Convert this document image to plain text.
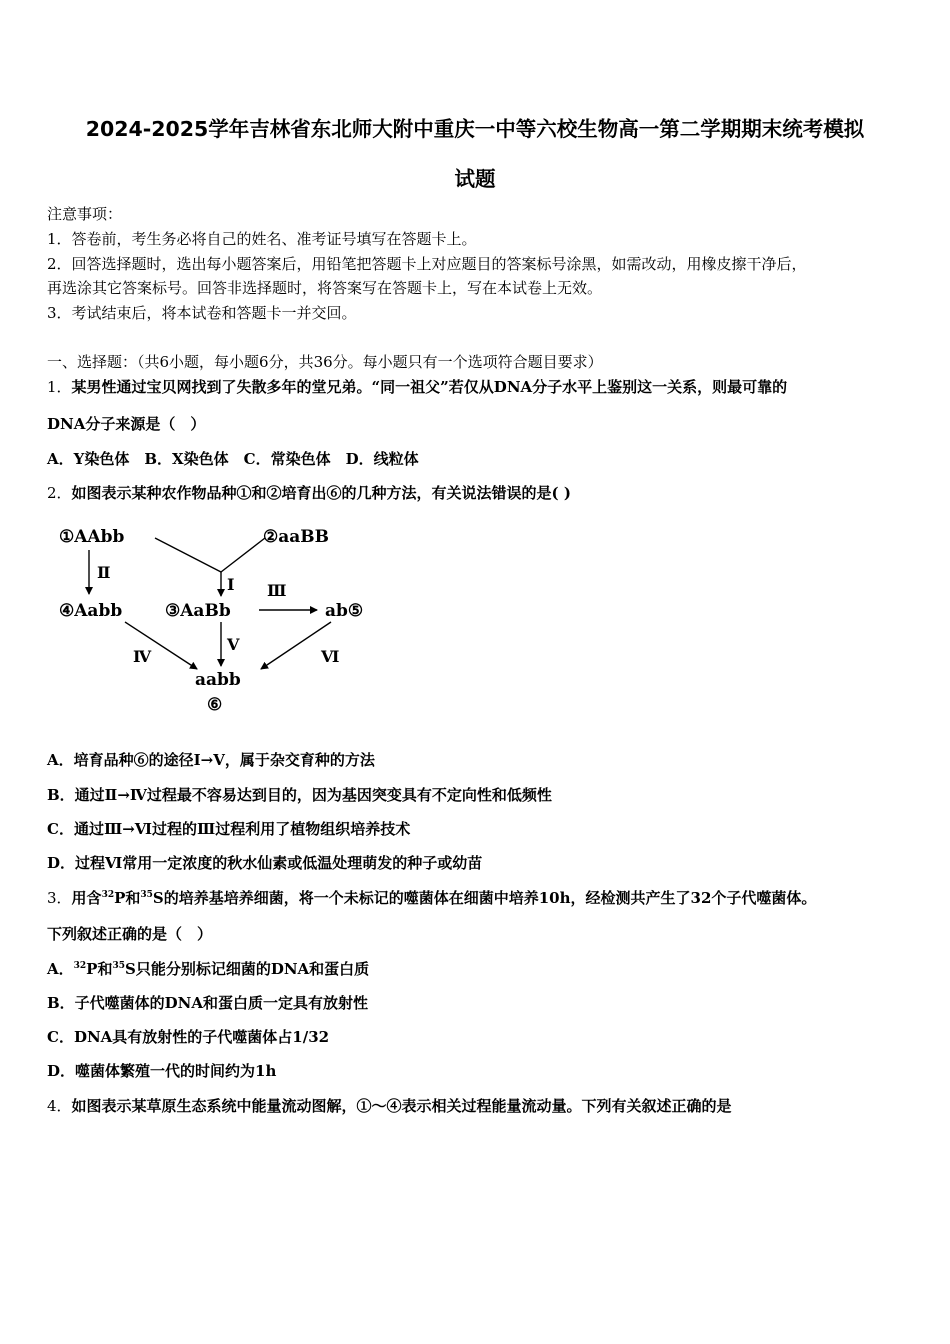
2024-2025学年吉林省东北师大附中重庆一中等六校生物高一第二学期期末统考模拟
试题
注意事项：
1．答卷前，考生务必将自己的姓名、准考证号填写在答题卡上。
2．回答选择题时，选出每小题答案后，用铅笔把答题卡上对应题目的答案标号涂黑，如需改动，用橡皮擦干净后，
再选涂其它答案标号。回答非选择题时，将答案写在答题卡上，写在本试卷上无效。
3．考试结束后，将本试卷和答题卡一并交回。
一、选择题：（共6小题，每小题6分，共36分。每小题只有一个选项符合题目要求）
1．某男性通过宝贝网找到了失散多年的堂兄弟。“同一祖父”若仅从DNA分子水平上鉴别这一关系，则最可靠的
DNA分子来源是（　）
A．Y染色体　B．X染色体　C．常染色体　D．线粒体
2．如图表示某种农作物品种①和②培育出⑥的几种方法，有关说法错误的是( )
①AAbb	②aaBB
④Aabb	③AaBb	ab⑤
aabb
⑥
Ⅰ
Ⅱ
Ⅲ
Ⅳ
Ⅴ
Ⅵ
A．培育品种⑥的途径Ⅰ→Ⅴ，属于杂交育种的方法
B．通过Ⅱ→Ⅳ过程最不容易达到目的，因为基因突变具有不定向性和低频性
C．通过Ⅲ→Ⅵ过程的Ⅲ过程利用了植物组织培养技术
D．过程Ⅵ常用一定浓度的秋水仙素或低温处理萌发的种子或幼苗
3．用含$^{32}$P和$^{35}$S的培养基培养细菌，将一个未标记的噬菌体在细菌中培养10h，经检测共产生了32个子代噬菌体。
下列叙述正确的是（　）
A．$^{32}$P和$^{35}$S只能分别标记细菌的DNA和蛋白质
B．子代噬菌体的DNA和蛋白质一定具有放射性
C．DNA具有放射性的子代噬菌体占1/32
D．噬菌体繁殖一代的时间约为1h
4．如图表示某草原生态系统中能量流动图解，①～④表示相关过程能量流动量。下列有关叙述正确的是
